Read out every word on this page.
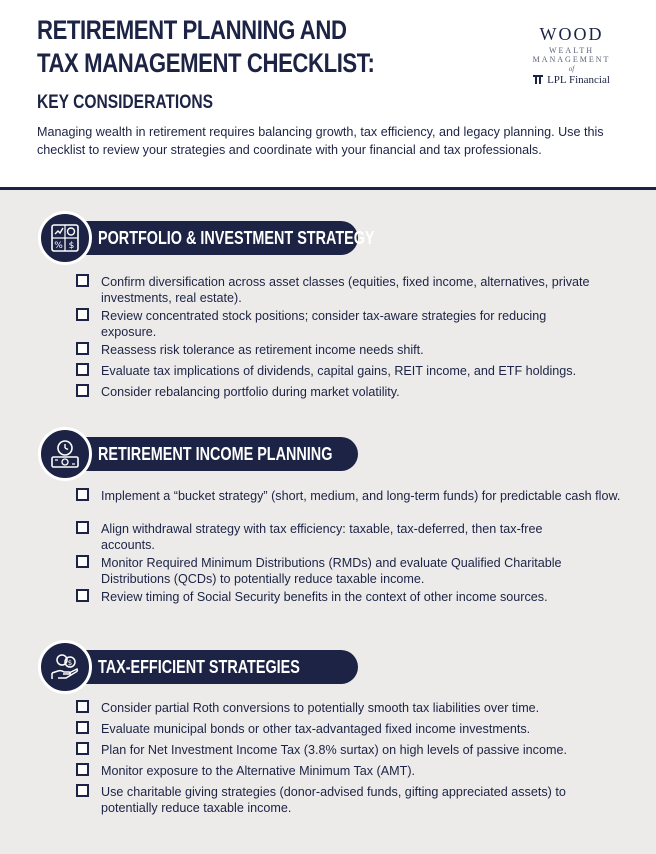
RETIREMENT PLANNING AND
TAX MANAGEMENT CHECKLIST:
KEY CONSIDERATIONS

Managing wealth in retirement requires balancing growth, tax efficiency, and legacy planning. Use this checklist to review your strategies and coordinate with your financial and tax professionals.

WOOD
WEALTH MANAGEMENT
of
LPL Financial
PORTFOLIO & INVESTMENT STRATEGY
% $
Confirm diversification across asset classes (equities, fixed income, alternatives, private investments, real estate).
Review concentrated stock positions; consider tax-aware strategies for reducing exposure.
Reassess risk tolerance as retirement income needs shift.
Evaluate tax implications of dividends, capital gains, REIT income, and ETF holdings.
Consider rebalancing portfolio during market volatility.
RETIREMENT INCOME PLANNING
Implement a “bucket strategy” (short, medium, and long-term funds) for predictable cash flow.
Align withdrawal strategy with tax efficiency: taxable, tax-deferred, then tax-free accounts.
Monitor Required Minimum Distributions (RMDs) and evaluate Qualified Charitable Distributions (QCDs) to potentially reduce taxable income.
Review timing of Social Security benefits in the context of other income sources.
TAX-EFFICIENT STRATEGIES
$
Consider partial Roth conversions to potentially smooth tax liabilities over time.
Evaluate municipal bonds or other tax-advantaged fixed income investments.
Plan for Net Investment Income Tax (3.8% surtax) on high levels of passive income.
Monitor exposure to the Alternative Minimum Tax (AMT).
Use charitable giving strategies (donor-advised funds, gifting appreciated assets) to potentially reduce taxable income.
